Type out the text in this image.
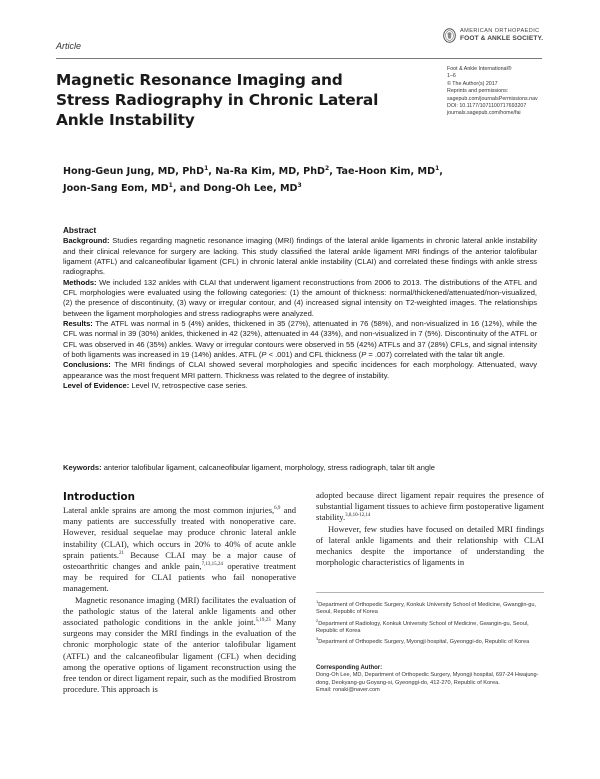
Article
AMERICAN ORTHOPAEDIC
FOOT & ANKLE SOCIETY.
Foot & Ankle International®
1–6
© The Author(s) 2017
Reprints and permissions:
sagepub.com/journalsPermissions.nav
DOI: 10.1177/1071100717693207
journals.sagepub.com/home/fai
Magnetic Resonance Imaging and
Stress Radiography in Chronic Lateral
Ankle Instability
Hong-Geun Jung, MD, PhD$^1$, Na-Ra Kim, MD, PhD$^2$, Tae-Hoon Kim, $MD^1$,
Joon-Sang Eom, $MD^1$, and Dong-Oh Lee, $MD^3$
Abstract

Background: Studies regarding magnetic resonance imaging (MRI) findings of the lateral ankle ligaments in chronic lateral ankle instability and their clinical relevance for surgery are lacking. This study classified the lateral ankle ligament MRI findings of the anterior talofibular ligament (ATFL) and calcaneofibular ligament (CFL) in chronic lateral ankle instability (CLAI) and correlated these findings with ankle stress radiographs.

Methods: We included 132 ankles with CLAI that underwent ligament reconstructions from 2006 to 2013. The distributions of the ATFL and CFL morphologies were evaluated using the following categories: (1) the amount of thickness: normal/thickened/attenuated/non-visualized, (2) the presence of discontinuity, (3) wavy or irregular contour, and (4) increased signal intensity on T2-weighted images. The relationships between the ligament morphologies and stress radiographs were analyzed.

Results: The ATFL was normal in 5 (4%) ankles, thickened in 35 (27%), attenuated in 76 (58%), and non-visualized in 16 (12%), while the CFL was normal in 39 (30%) ankles, thickened in 42 (32%), attenuated in 44 (33%), and non-visualized in 7 (5%). Discontinuity of the ATFL or CFL was observed in 46 (35%) ankles. Wavy or irregular contours were observed in 55 (42%) ATFLs and 37 (28%) CFLs, and signal intensity of both ligaments was increased in 19 (14%) ankles. ATFL (P < .001) and CFL thickness (P = .007) correlated with the talar tilt angle.

Conclusions: The MRI findings of CLAI showed several morphologies and specific incidences for each morphology. Attenuated, wavy appearance was the most frequent MRI pattern. Thickness was related to the degree of instability.

Level of Evidence: Level IV, retrospective case series.

Keywords: anterior talofibular ligament, calcaneofibular ligament, morphology, stress radiograph, talar tilt angle
Introduction

Lateral ankle sprains are among the most common injuries,$^{6,9}$ and many patients are successfully treated with nonoperative care. However, residual sequelae may produce chronic lateral ankle instability (CLAI), which occurs in 20% to 40% of acute ankle sprain patients.$^{21}$ Because CLAI may be a major cause of osteoarthritic changes and ankle pain,$^{7,13,15,24}$ operative treatment may be required for CLAI patients who fail nonoperative management.

Magnetic resonance imaging (MRI) facilitates the evaluation of the pathologic status of the lateral ankle ligaments and other associated pathologic conditions in the ankle joint.$^{5,19,23}$ Many surgeons may consider the MRI findings in the evaluation of the chronic morphologic state of the anterior talofibular ligament (ATFL) and the calcaneofibular ligament (CFL) when deciding among the operative options of ligament reconstruction using the free tendon or direct ligament repair, such as the modified Brostrom procedure. This approach is

adopted because direct ligament repair requires the presence of substantial ligament tissues to achieve firm postoperative ligament stability.$^{3,8,10-12,14}$

However, few studies have focused on detailed MRI findings of lateral ankle ligaments and their relationship with CLAI mechanics despite the importance of understanding the morphologic characteristics of ligaments in

$^1$Department of Orthopedic Surgery, Konkuk University School of Medicine, Gwangjin-gu, Seoul, Republic of Korea

$^2$Department of Radiology, Konkuk University School of Medicine, Gwangin-gu, Seoul, Republic of Korea

$^3$Department of Orthopedic Surgery, Myongji hospital, Gyeonggi-do, Republic of Korea

Corresponding Author:

Dong-Oh Lee, MD, Department of Orthopedic Surgery, Myongji hospital, 697-24 Hwajung-dong, Deokyang-gu Goyang-si, Gyeonggi-do, 412-270, Republic of Korea.

Email: ronaki@naver.com
